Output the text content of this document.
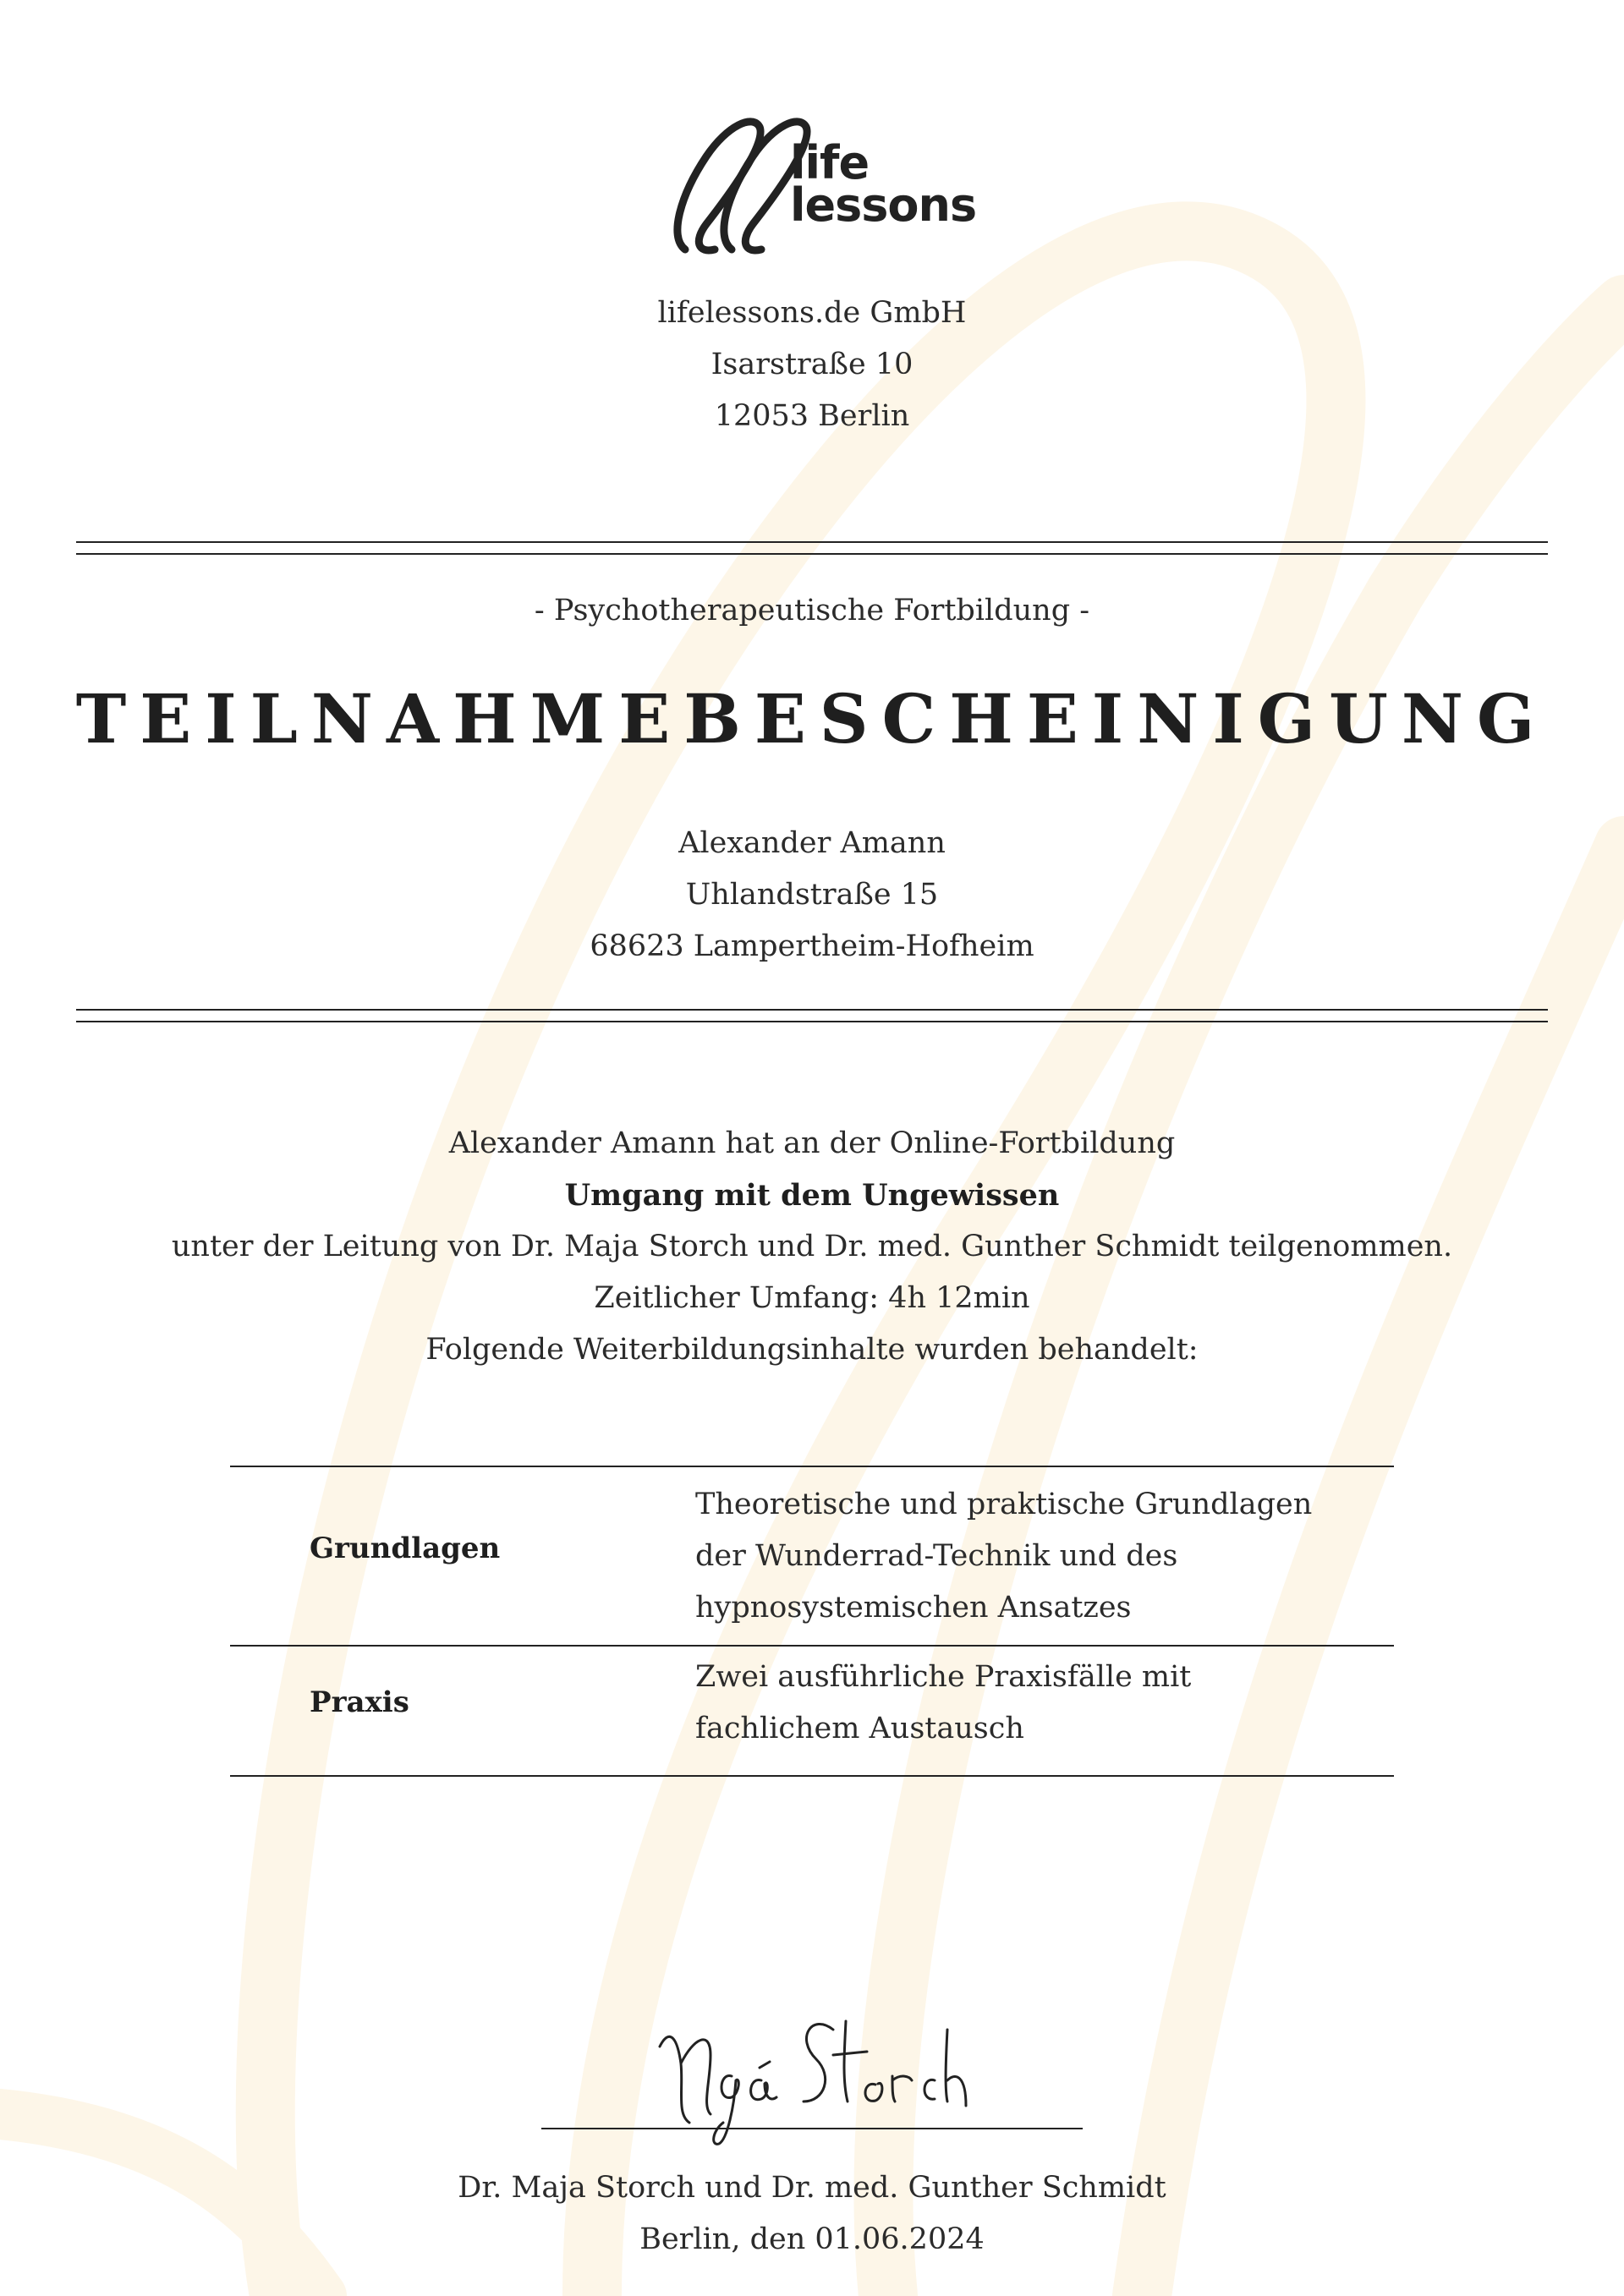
life
lessons
lifelessons.de GmbH
Isarstraße 10
12053 Berlin
- Psychotherapeutische Fortbildung -
TEILNAHMEBESCHEINIGUNG
Alexander Amann
Uhlandstraße 15
68623 Lampertheim-Hofheim
Alexander Amann hat an der Online-Fortbildung
Umgang mit dem Ungewissen
unter der Leitung von Dr. Maja Storch und Dr. med. Gunther Schmidt teilgenommen.
Zeitlicher Umfang: 4h 12min
Folgende Weiterbildungsinhalte wurden behandelt:
Grundlagen
Theoretische und praktische Grundlagen
der Wunderrad-Technik und des
hypnosystemischen Ansatzes
Praxis
Zwei ausführliche Praxisfälle mit
fachlichem Austausch
Dr. Maja Storch und Dr. med. Gunther Schmidt
Berlin, den 01.06.2024
